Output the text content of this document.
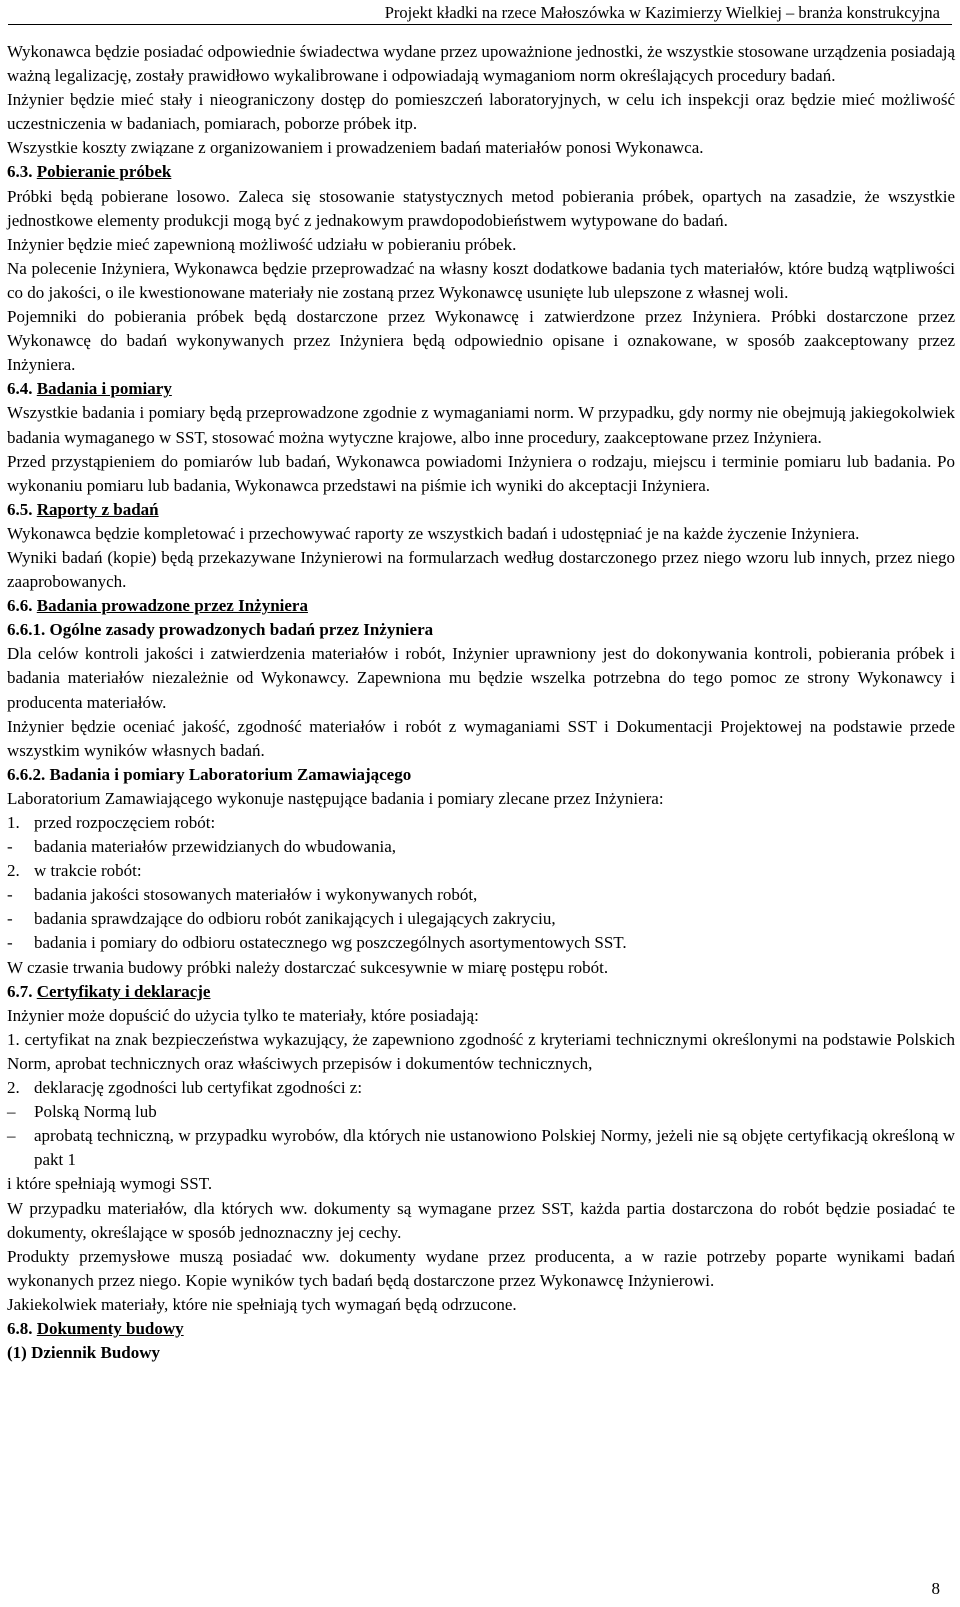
Projekt kładki na rzece Małoszówka w Kazimierzy Wielkiej – branża konstrukcyjna

Wykonawca będzie posiadać odpowiednie świadectwa wydane przez upoważnione jednostki, że wszystkie stosowane urządzenia posiadają ważną legalizację, zostały prawidłowo wykalibrowane i odpowiadają wymaganiom norm określających procedury badań.

Inżynier będzie mieć stały i nieograniczony dostęp do pomieszczeń laboratoryjnych, w celu ich inspekcji oraz będzie mieć możliwość uczestniczenia w badaniach, pomiarach, poborze próbek itp.

Wszystkie koszty związane z organizowaniem i prowadzeniem badań materiałów ponosi Wykonawca.

6.3. Pobieranie próbek

Próbki będą pobierane losowo. Zaleca się stosowanie statystycznych metod pobierania próbek, opartych na zasadzie, że wszystkie jednostkowe elementy produkcji mogą być z jednakowym prawdopodobieństwem wytypowane do badań.

Inżynier będzie mieć zapewnioną możliwość udziału w pobieraniu próbek.

Na polecenie Inżyniera, Wykonawca będzie przeprowadzać na własny koszt dodatkowe badania tych materiałów, które budzą wątpliwości co do jakości, o ile kwestionowane materiały nie zostaną przez Wykonawcę usunięte lub ulepszone z własnej woli.

Pojemniki do pobierania próbek będą dostarczone przez Wykonawcę i zatwierdzone przez Inżyniera. Próbki dostarczone przez Wykonawcę do badań wykonywanych przez Inżyniera będą odpowiednio opisane i oznakowane, w sposób zaakceptowany przez Inżyniera.

6.4. Badania i pomiary

Wszystkie badania i pomiary będą przeprowadzone zgodnie z wymaganiami norm. W przypadku, gdy normy nie obejmują jakiegokolwiek badania wymaganego w SST, stosować można wytyczne krajowe, albo inne procedury, zaakceptowane przez Inżyniera.

Przed przystąpieniem do pomiarów lub badań, Wykonawca powiadomi Inżyniera o rodzaju, miejscu i terminie pomiaru lub badania. Po wykonaniu pomiaru lub badania, Wykonawca przedstawi na piśmie ich wyniki do akceptacji Inżyniera.

6.5. Raporty z badań

Wykonawca będzie kompletować i przechowywać raporty ze wszystkich badań i udostępniać je na każde życzenie Inżyniera.

Wyniki badań (kopie) będą przekazywane Inżynierowi na formularzach według dostarczonego przez niego wzoru lub innych, przez niego zaaprobowanych.

6.6. Badania prowadzone przez Inżyniera

6.6.1. Ogólne zasady prowadzonych badań przez Inżyniera

Dla celów kontroli jakości i zatwierdzenia materiałów i robót, Inżynier uprawniony jest do dokonywania kontroli, pobierania próbek i badania materiałów niezależnie od Wykonawcy. Zapewniona mu będzie wszelka potrzebna do tego pomoc ze strony Wykonawcy i producenta materiałów.

Inżynier będzie oceniać jakość, zgodność materiałów i robót z wymaganiami SST i Dokumentacji Projektowej na podstawie przede wszystkim wyników własnych badań.

6.6.2. Badania i pomiary Laboratorium Zamawiającego

Laboratorium Zamawiającego wykonuje następujące badania i pomiary zlecane przez Inżyniera:

1. przed rozpoczęciem robót:
-	badania materiałów przewidzianych do wbudowania,
2. w trakcie robót:
-	badania jakości stosowanych materiałów i wykonywanych robót,
-	badania sprawdzające do odbioru robót zanikających i ulegających zakryciu,
-	badania i pomiary do odbioru ostatecznego wg poszczególnych asortymentowych SST.

W czasie trwania budowy próbki należy dostarczać sukcesywnie w miarę postępu robót.

6.7. Certyfikaty i deklaracje

Inżynier może dopuścić do użycia tylko te materiały, które posiadają:

1. certyfikat na znak bezpieczeństwa wykazujący, że zapewniono zgodność z kryteriami technicznymi określonymi na podstawie Polskich Norm, aprobat technicznych oraz właściwych przepisów i dokumentów technicznych,

2. deklarację zgodności lub certyfikat zgodności z:
–	Polską Normą lub
–	aprobatą techniczną, w przypadku wyrobów, dla których nie ustanowiono Polskiej Normy, jeżeli nie są objęte certyfikacją określoną w pakt 1

i które spełniają wymogi SST.

W przypadku materiałów, dla których ww. dokumenty są wymagane przez SST, każda partia dostarczona do robót będzie posiadać te dokumenty, określające w sposób jednoznaczny jej cechy.

Produkty przemysłowe muszą posiadać ww. dokumenty wydane przez producenta, a w razie potrzeby poparte wynikami badań wykonanych przez niego. Kopie wyników tych badań będą dostarczone przez Wykonawcę Inżynierowi.

Jakiekolwiek materiały, które nie spełniają tych wymagań będą odrzucone.

6.8. Dokumenty budowy

(1) Dziennik Budowy

8
